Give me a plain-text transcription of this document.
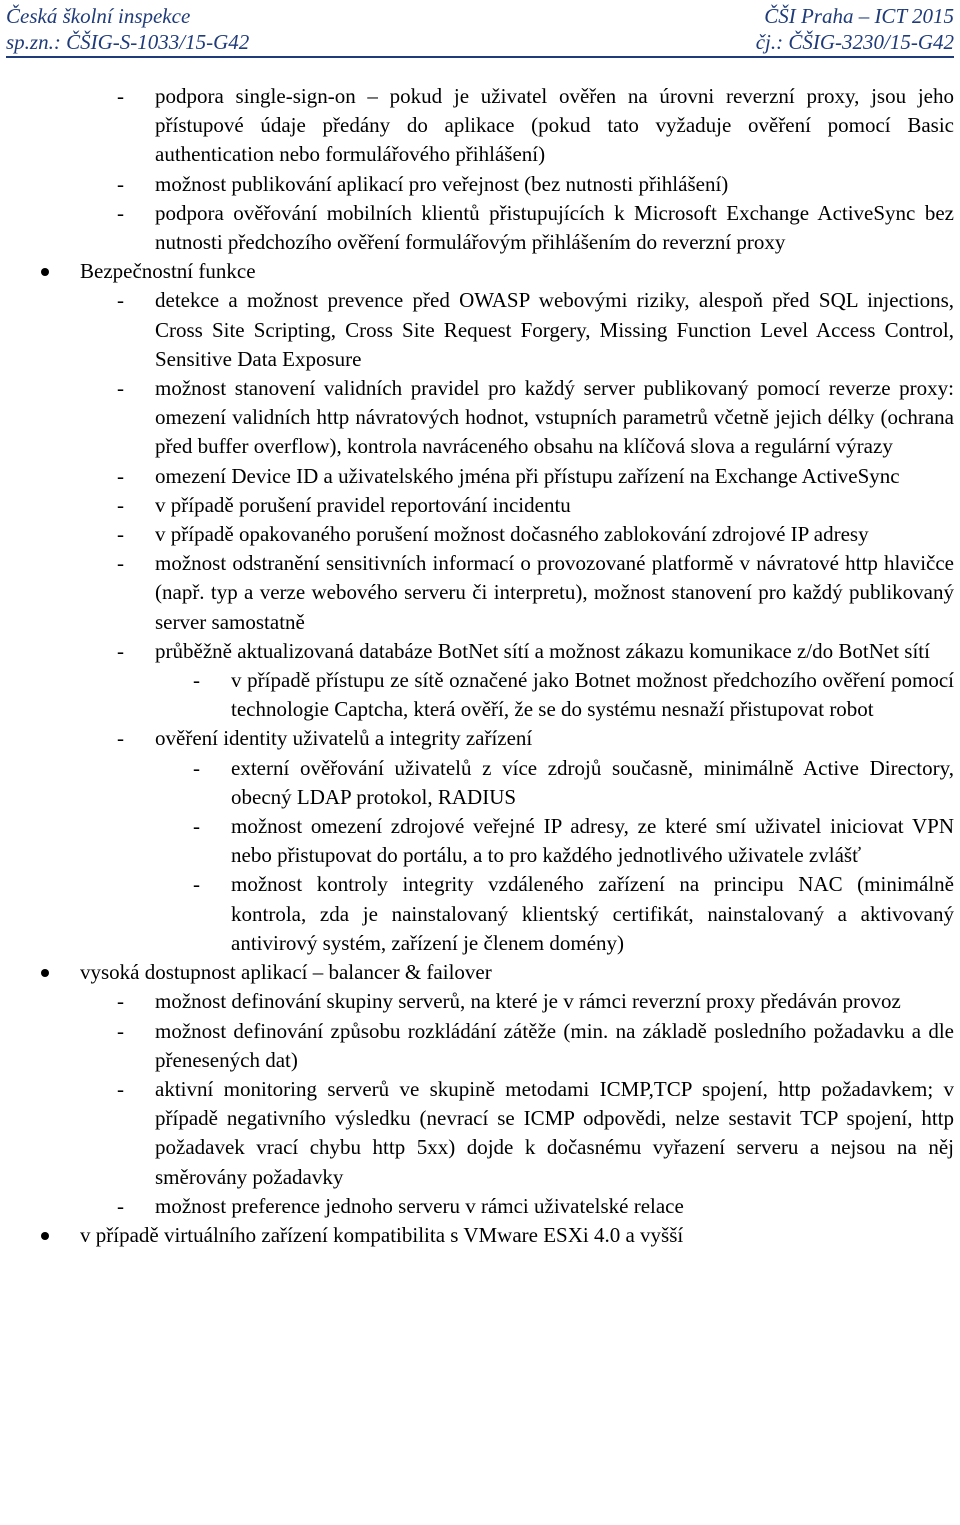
Česká školní inspekce
sp.zn.: ČŠIG-S-1033/15-G42
ČŠI Praha – ICT 2015
čj.: ČŠIG-3230/15-G42
- podpora single-sign-on – pokud je uživatel ověřen na úrovni reverzní proxy, jsou jeho přístupové údaje předány do aplikace (pokud tato vyžaduje ověření pomocí Basic authentication nebo formulářového přihlášení)
- možnost publikování aplikací pro veřejnost (bez nutnosti přihlášení)
- podpora ověřování mobilních klientů přistupujících k Microsoft Exchange ActiveSync bez nutnosti předchozího ověření formulářovým přihlášením do reverzní proxy
Bezpečnostní funkce
- detekce a možnost prevence před OWASP webovými riziky, alespoň před SQL injections, Cross Site Scripting, Cross Site Request Forgery, Missing Function Level Access Control, Sensitive Data Exposure
- možnost stanovení validních pravidel pro každý server publikovaný pomocí reverze proxy: omezení validních http návratových hodnot, vstupních parametrů včetně jejich délky (ochrana před buffer overflow), kontrola navráceného obsahu na klíčová slova a regulární výrazy
- omezení Device ID a uživatelského jména při přístupu zařízení na Exchange ActiveSync
- v případě porušení pravidel reportování incidentu
- v případě opakovaného porušení možnost dočasného zablokování zdrojové IP adresy
- možnost odstranění sensitivních informací o provozované platformě v návratové http hlavičce (např. typ a verze webového serveru či interpretu), možnost stanovení pro každý publikovaný server samostatně
- průběžně aktualizovaná databáze BotNet sítí a možnost zákazu komunikace z/do BotNet sítí
- v případě přístupu ze sítě označené jako Botnet možnost předchozího ověření pomocí technologie Captcha, která ověří, že se do systému nesnaží přistupovat robot
- ověření identity uživatelů a integrity zařízení
- externí ověřování uživatelů z více zdrojů současně, minimálně Active Directory, obecný LDAP protokol, RADIUS
- možnost omezení zdrojové veřejné IP adresy, ze které smí uživatel iniciovat VPN nebo přistupovat do portálu, a to pro každého jednotlivého uživatele zvlášť
- možnost kontroly integrity vzdáleného zařízení na principu NAC (minimálně kontrola, zda je nainstalovaný klientský certifikát, nainstalovaný a aktivovaný antivirový systém, zařízení je členem domény)
vysoká dostupnost aplikací – balancer & failover
- možnost definování skupiny serverů, na které je v rámci reverzní proxy předáván provoz
- možnost definování způsobu rozkládání zátěže (min. na základě posledního požadavku a dle přenesených dat)
- aktivní monitoring serverů ve skupině metodami ICMP,TCP spojení, http požadavkem; v případě negativního výsledku (nevrací se ICMP odpovědi, nelze sestavit TCP spojení, http požadavek vrací chybu http 5xx) dojde k dočasnému vyřazení serveru a nejsou na něj směrovány požadavky
- možnost preference jednoho serveru v rámci uživatelské relace
v případě virtuálního zařízení kompatibilita s VMware ESXi 4.0 a vyšší
